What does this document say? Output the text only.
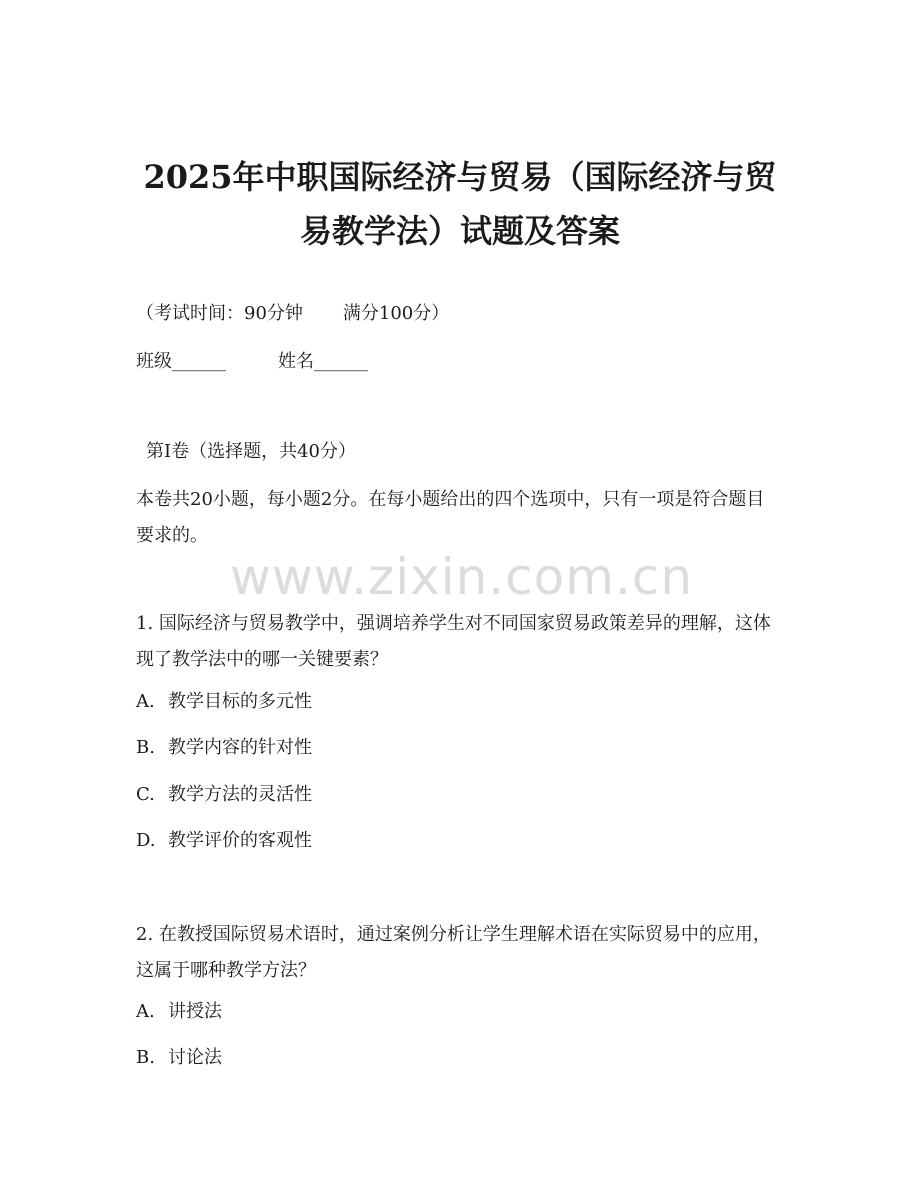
2025年中职国际经济与贸易（国际经济与贸
易教学法）试题及答案
（考试时间：90分钟 满分100分）
班级______	姓名______
第I卷（选择题，共40分）
本卷共20小题，每小题2分。在每小题给出的四个选项中，只有一项是符合题目要求的。
www.zixin.com.cn
1. 国际经济与贸易教学中，强调培养学生对不同国家贸易政策差异的理解，这体现了教学法中的哪一关键要素？
A. 教学目标的多元性
B. 教学内容的针对性
C. 教学方法的灵活性
D. 教学评价的客观性
2. 在教授国际贸易术语时，通过案例分析让学生理解术语在实际贸易中的应用，这属于哪种教学方法？
A. 讲授法
B. 讨论法
